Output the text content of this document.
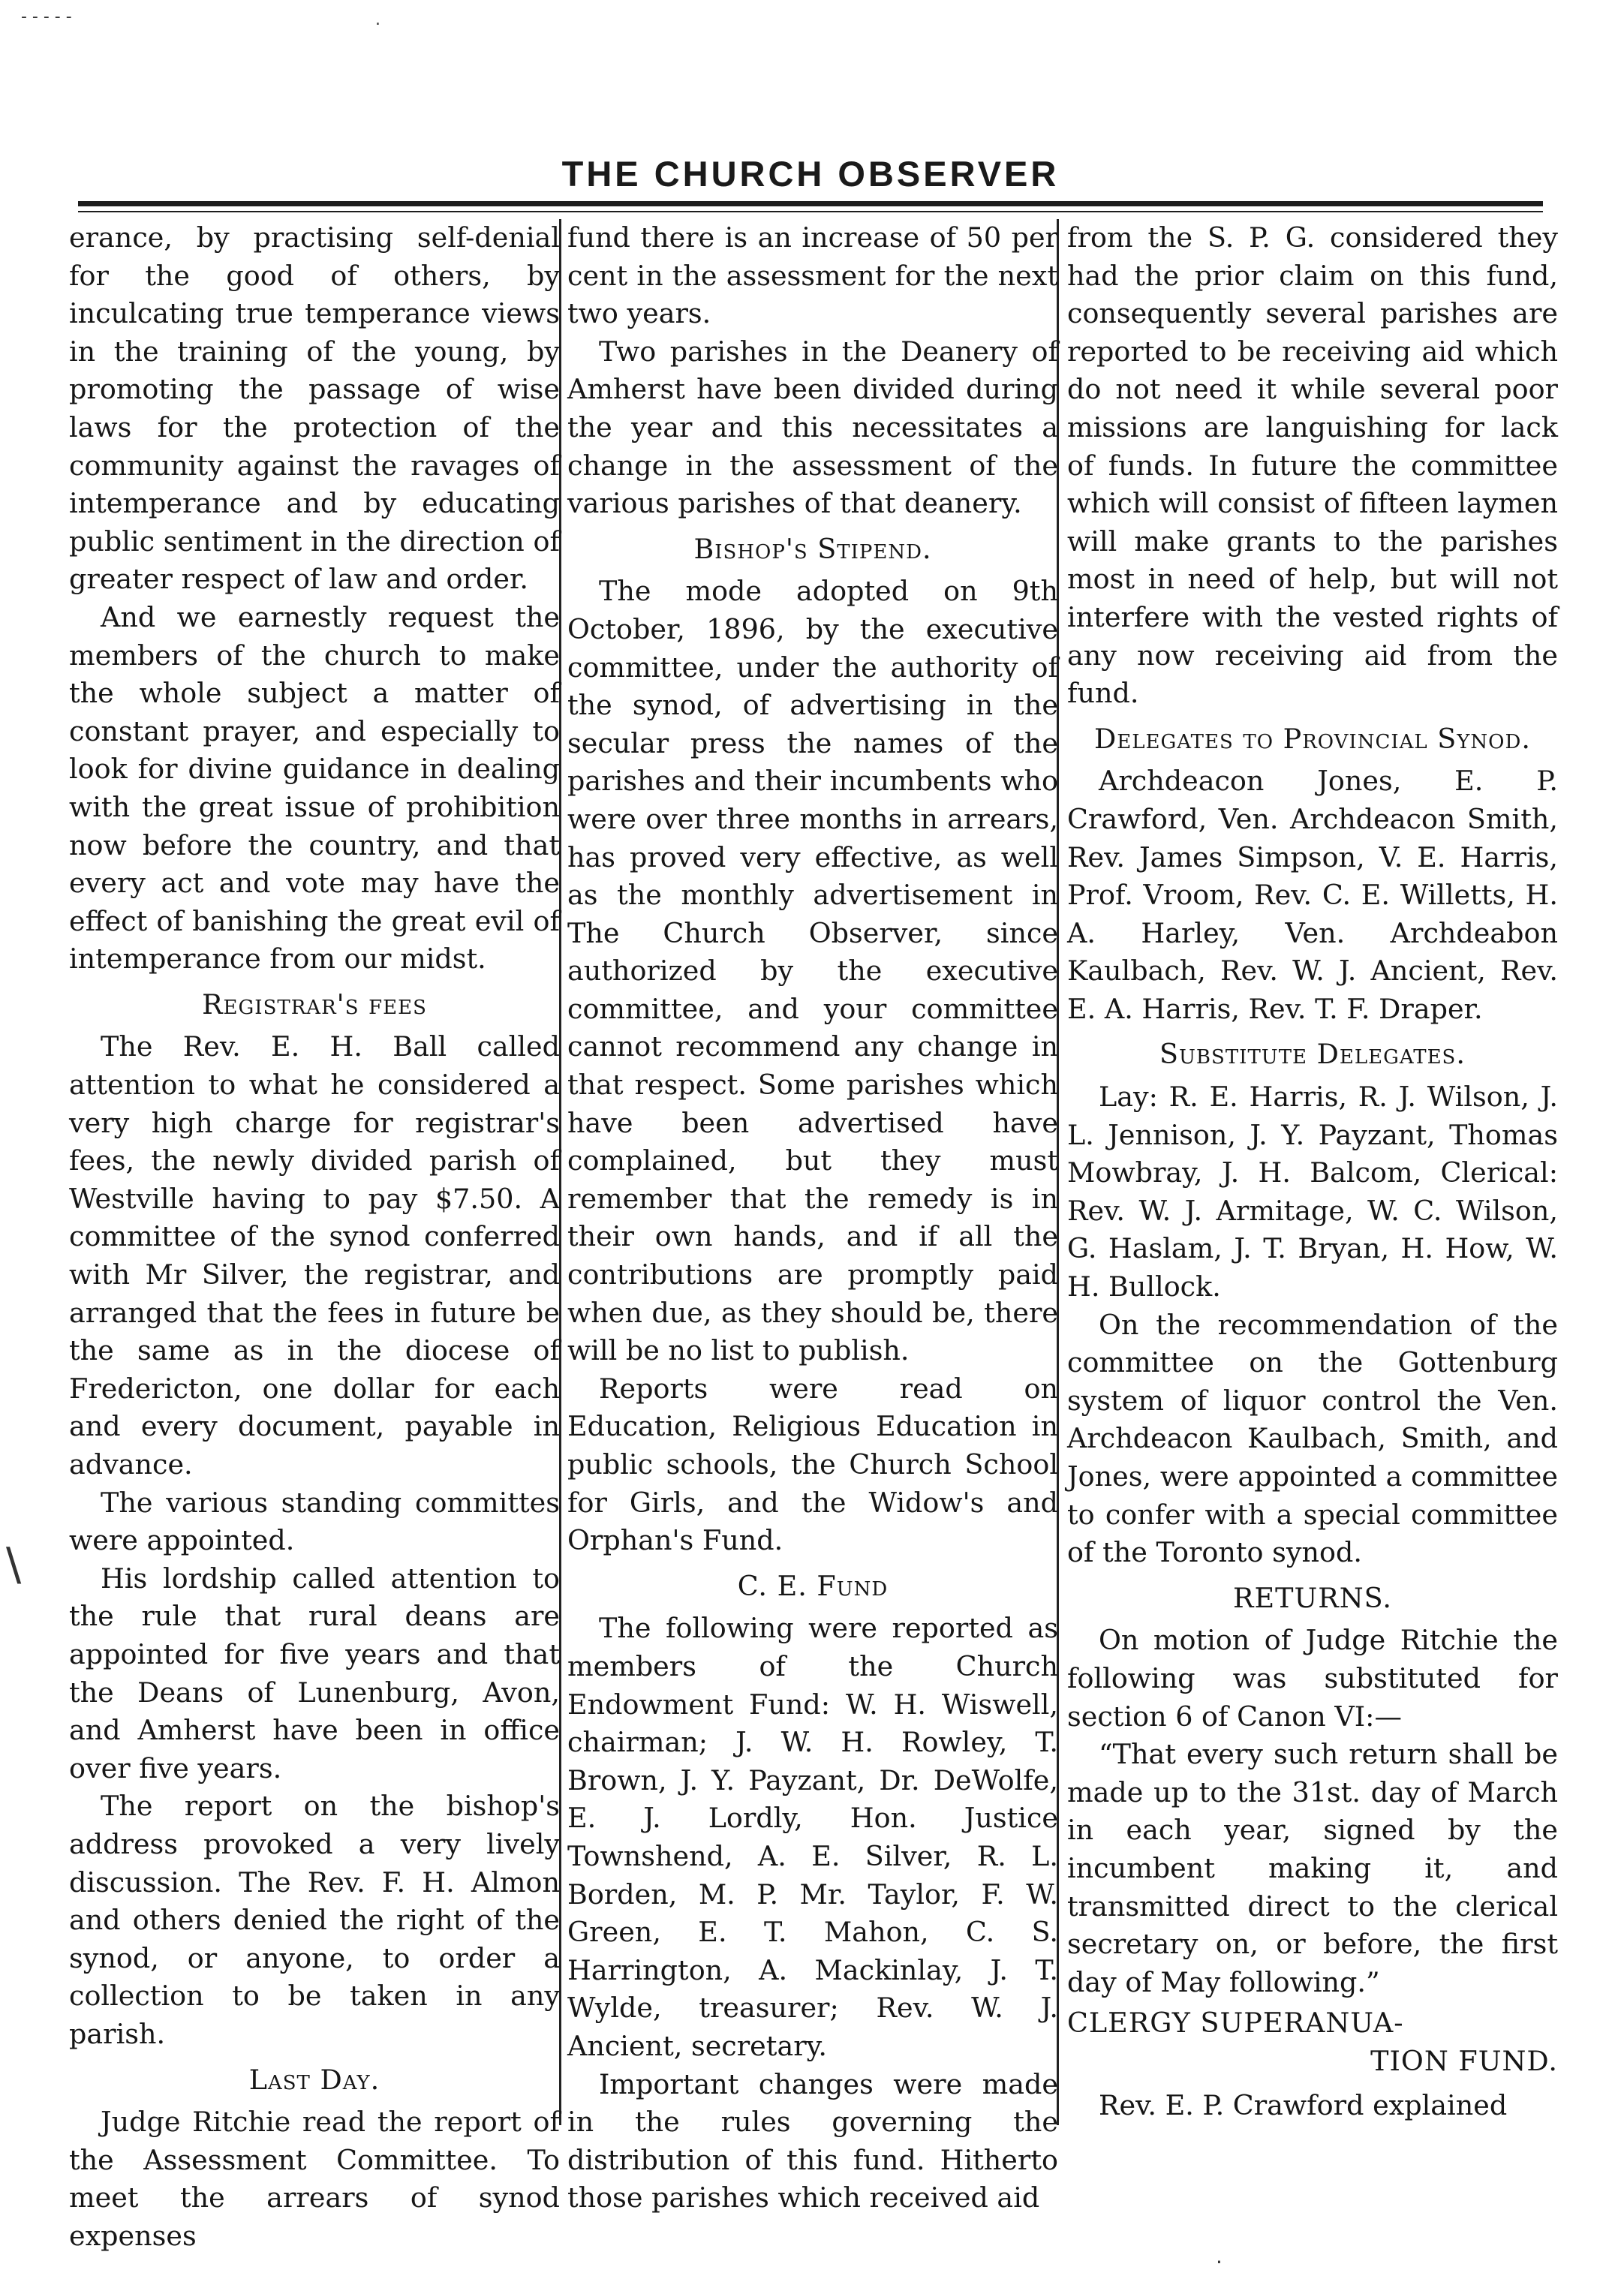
- - - - -	.
\
.
THE CHURCH OBSERVER

erance, by practising self-denial for the good of others, by inculcating true temperance views in the training of the young, by promoting the passage of wise laws for the protection of the community against the ravages of intemperance and by educating public sentiment in the direction of greater respect of law and order.

And we earnestly request the members of the church to make the whole subject a matter of constant prayer, and especially to look for divine guidance in dealing with the great issue of prohibition now before the country, and that every act and vote may have the effect of banishing the great evil of intemperance from our midst.

Registrar's fees

The Rev. E. H. Ball called attention to what he considered a very high charge for registrar's fees, the newly divided parish of Westville having to pay $7.50. A committee of the synod conferred with Mr Silver, the registrar, and arranged that the fees in future be the same as in the diocese of Fredericton, one dollar for each and every document, payable in advance.

The various standing committes were appointed.

His lordship called attention to the rule that rural deans are appointed for five years and that the Deans of Lunenburg, Avon, and Amherst have been in office over five years.

The report on the bishop's address provoked a very lively discussion. The Rev. F. H. Almon and others denied the right of the synod, or anyone, to order a collection to be taken in any parish.

Last Day.

Judge Ritchie read the report of the Assessment Committee. To meet the arrears of synod expenses

fund there is an increase of 50 per cent in the assessment for the next two years.

Two parishes in the Deanery of Amherst have been divided during the year and this necessitates a change in the assessment of the various parishes of that deanery.

Bishop's Stipend.

The mode adopted on 9th October, 1896, by the executive committee, under the authority of the synod, of advertising in the secular press the names of the parishes and their incumbents who were over three months in arrears, has proved very effective, as well as the monthly advertisement in The Church Observer, since authorized by the executive committee, and your committee cannot recommend any change in that respect. Some parishes which have been advertised have complained, but they must remember that the remedy is in their own hands, and if all the contributions are promptly paid when due, as they should be, there will be no list to publish.

Reports were read on Education, Religious Education in public schools, the Church School for Girls, and the Widow's and Orphan's Fund.

C. E. Fund

The following were reported as members of the Church Endowment Fund: W. H. Wiswell, chairman; J. W. H. Rowley, T. Brown, J. Y. Payzant, Dr. DeWolfe, E. J. Lordly, Hon. Justice Townshend, A. E. Silver, R. L. Borden, M. P. Mr. Taylor, F. W. Green, E. T. Mahon, C. S. Harrington, A. Mackinlay, J. T. Wylde, treasurer; Rev. W. J. Ancient, secretary.

Important changes were made in the rules governing the distribution of this fund. Hitherto those parishes which received aid

from the S. P. G. considered they had the prior claim on this fund, consequently several parishes are reported to be receiving aid which do not need it while several poor missions are languishing for lack of funds. In future the committee which will consist of fifteen laymen will make grants to the parishes most in need of help, but will not interfere with the vested rights of any now receiving aid from the fund.

Delegates to Provincial Synod.

Archdeacon Jones, E. P. Crawford, Ven. Archdeacon Smith, Rev. James Simpson, V. E. Harris, Prof. Vroom, Rev. C. E. Willetts, H. A. Harley, Ven. Archdeabon Kaulbach, Rev. W. J. Ancient, Rev. E. A. Harris, Rev. T. F. Draper.

Substitute Delegates.

Lay: R. E. Harris, R. J. Wilson, J. L. Jennison, J. Y. Payzant, Thomas Mowbray, J. H. Balcom, Clerical: Rev. W. J. Armitage, W. C. Wilson, G. Haslam, J. T. Bryan, H. How, W. H. Bullock.

On the recommendation of the committee on the Gottenburg system of liquor control the Ven. Archdeacon Kaulbach, Smith, and Jones, were appointed a committee to confer with a special committee of the Toronto synod.

RETURNS.

On motion of Judge Ritchie the following was substituted for section 6 of Canon VI:—

“That every such return shall be made up to the 31st. day of March in each year, signed by the incumbent making it, and transmitted direct to the clerical secretary on, or before, the first day of May following.”

CLERGY SUPERANUA-

TION FUND.

Rev. E. P. Crawford explained
